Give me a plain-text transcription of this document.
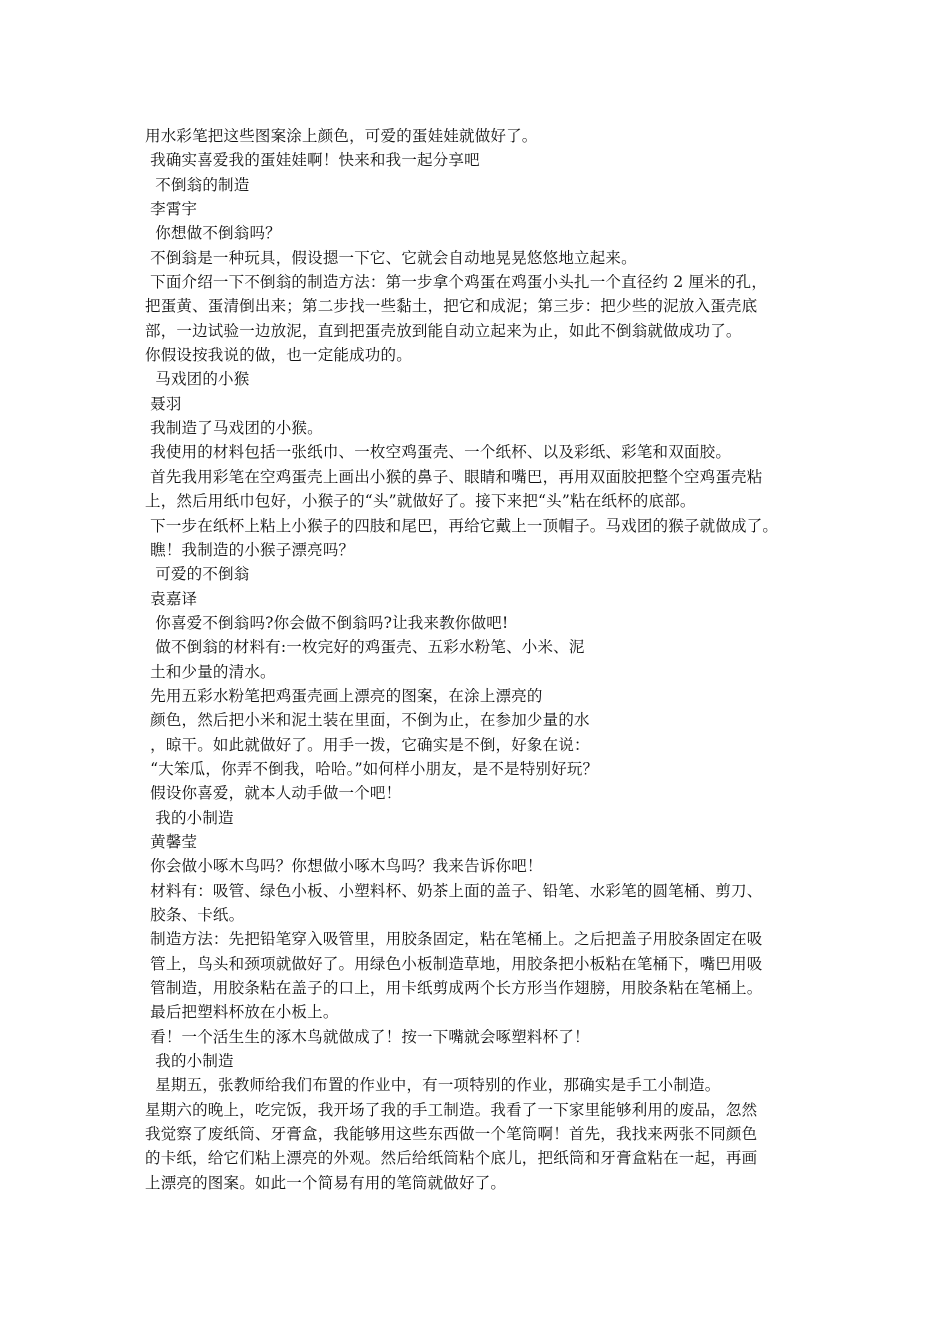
用水彩笔把这些图案涂上颜色，可爱的蛋娃娃就做好了。
我确实喜爱我的蛋娃娃啊！快来和我一起分享吧
不倒翁的制造
李霄宇
你想做不倒翁吗？
不倒翁是一种玩具，假设摁一下它、它就会自动地晃晃悠悠地立起来。
下面介绍一下不倒翁的制造方法：第一步拿个鸡蛋在鸡蛋小头扎一个直径约 2 厘米的孔，
把蛋黄、蛋清倒出来；第二步找一些黏土，把它和成泥；第三步：把少些的泥放入蛋壳底
部，一边试验一边放泥，直到把蛋壳放到能自动立起来为止，如此不倒翁就做成功了。
你假设按我说的做，也一定能成功的。
马戏团的小猴
聂羽
我制造了马戏团的小猴。
我使用的材料包括一张纸巾、一枚空鸡蛋壳、一个纸杯、以及彩纸、彩笔和双面胶。
首先我用彩笔在空鸡蛋壳上画出小猴的鼻子、眼睛和嘴巴，再用双面胶把整个空鸡蛋壳粘
上，然后用纸巾包好，小猴子的“头”就做好了。接下来把“头”粘在纸杯的底部。
下一步在纸杯上粘上小猴子的四肢和尾巴，再给它戴上一顶帽子。马戏团的猴子就做成了。
瞧！我制造的小猴子漂亮吗？
可爱的不倒翁
袁嘉译
你喜爱不倒翁吗?你会做不倒翁吗?让我来教你做吧!
做不倒翁的材料有:一枚完好的鸡蛋壳、五彩水粉笔、小米、泥
土和少量的清水。
先用五彩水粉笔把鸡蛋壳画上漂亮的图案，在涂上漂亮的
颜色，然后把小米和泥土装在里面，不倒为止，在参加少量的水
，晾干。如此就做好了。用手一拨，它确实是不倒，好象在说：
“大笨瓜，你弄不倒我，哈哈。”如何样小朋友，是不是特别好玩？
假设你喜爱，就本人动手做一个吧！
我的小制造
黄馨莹
你会做小啄木鸟吗？你想做小啄木鸟吗？我来告诉你吧！
材料有：吸管、绿色小板、小塑料杯、奶茶上面的盖子、铅笔、水彩笔的圆笔桶、剪刀、
胶条、卡纸。
制造方法：先把铅笔穿入吸管里，用胶条固定，粘在笔桶上。之后把盖子用胶条固定在吸
管上，鸟头和颈项就做好了。用绿色小板制造草地，用胶条把小板粘在笔桶下，嘴巴用吸
管制造，用胶条粘在盖子的口上，用卡纸剪成两个长方形当作翅膀，用胶条粘在笔桶上。
最后把塑料杯放在小板上。
看！一个活生生的涿木鸟就做成了！按一下嘴就会啄塑料杯了！
我的小制造
星期五，张教师给我们布置的作业中，有一项特别的作业，那确实是手工小制造。
星期六的晚上，吃完饭，我开场了我的手工制造。我看了一下家里能够利用的废品，忽然
我觉察了废纸筒、牙膏盒，我能够用这些东西做一个笔筒啊！首先，我找来两张不同颜色
的卡纸，给它们粘上漂亮的外观。然后给纸筒粘个底儿，把纸筒和牙膏盒粘在一起，再画
上漂亮的图案。如此一个简易有用的笔筒就做好了。
